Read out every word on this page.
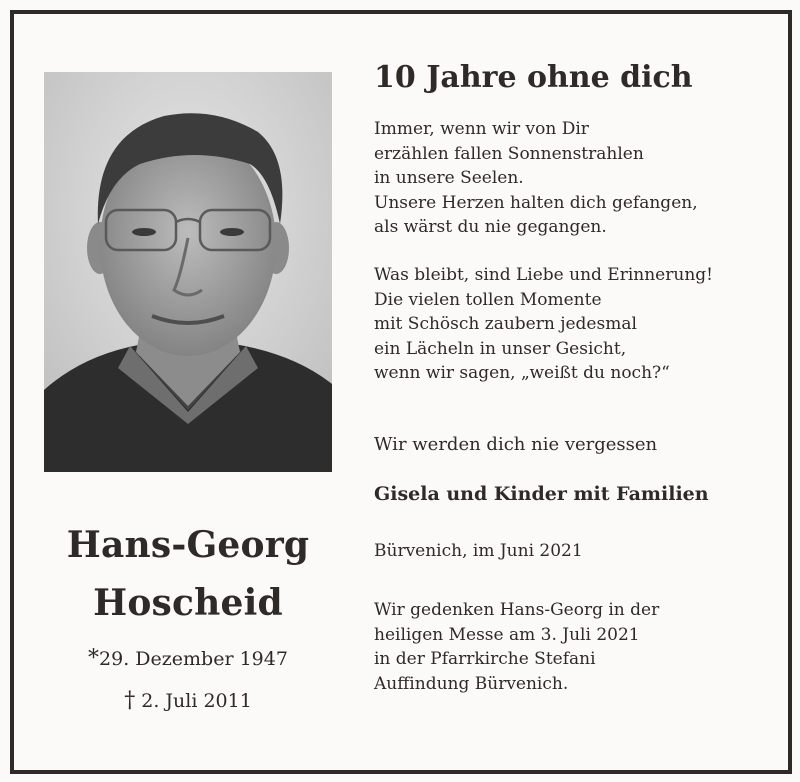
Hans-Georg
Hoscheid
*29. Dezember 1947
† 2. Juli 2011
10 Jahre ohne dich
Immer, wenn wir von Dir
erzählen fallen Sonnenstrahlen
in unsere Seelen.
Unsere Herzen halten dich gefangen,
als wärst du nie gegangen.
Was bleibt, sind Liebe und Erinnerung!
Die vielen tollen Momente
mit Schösch zaubern jedesmal
ein Lächeln in unser Gesicht,
wenn wir sagen, „weißt du noch?“
Wir werden dich nie vergessen
Gisela und Kinder mit Familien
Bürvenich, im Juni 2021
Wir gedenken Hans-Georg in der
heiligen Messe am 3. Juli 2021
in der Pfarrkirche Stefani
Auffindung Bürvenich.
